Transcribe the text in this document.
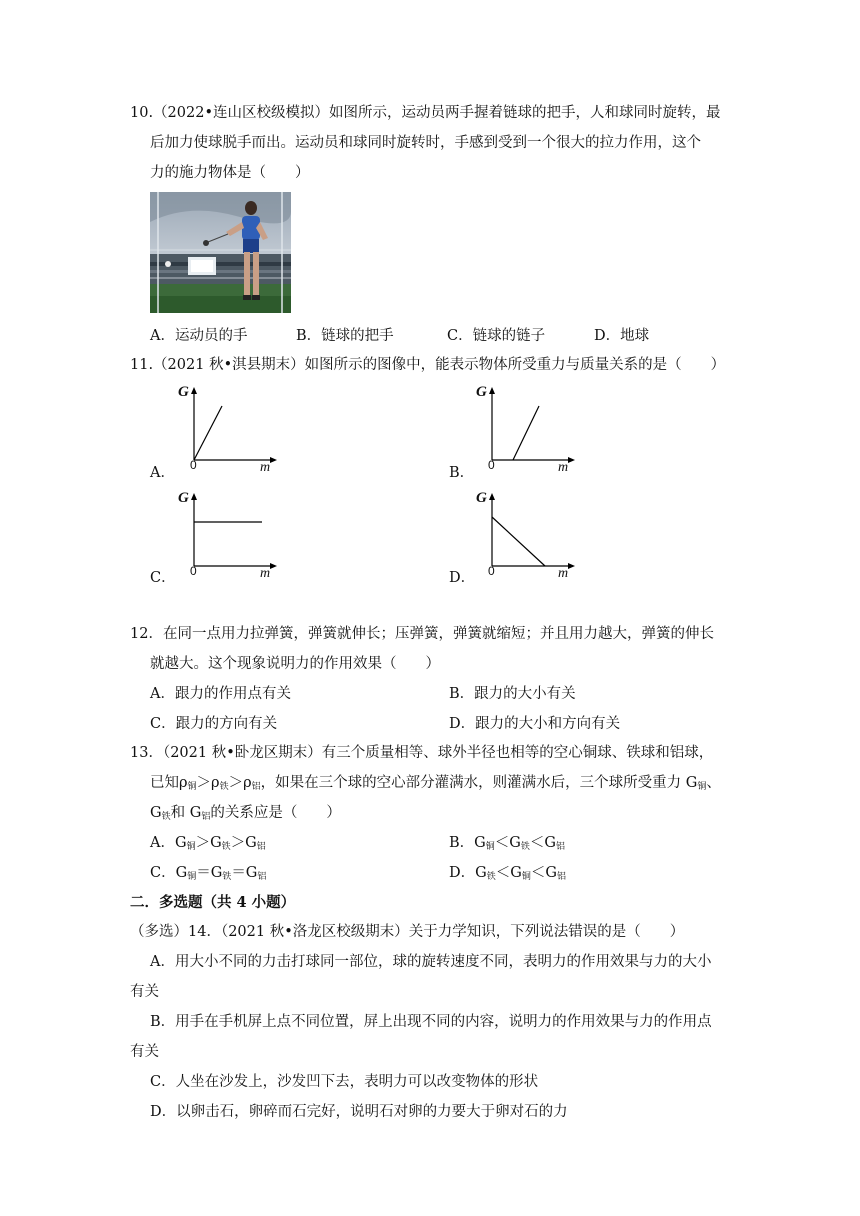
10.（2022•连山区校级模拟）如图所示，运动员两手握着链球的把手，人和球同时旋转，最
后加力使球脱手而出。运动员和球同时旋转时，手感到受到一个很大的拉力作用，这个
力的施力物体是（　　）
A．运动员的手	B．链球的把手	C．链球的链子	D．地球
11.（2021 秋•淇县期末）如图所示的图像中，能表示物体所受重力与质量关系的是（　　）
A．	B．
C．	D．
G
0	m
G
0	m
G
0	m
G
0	m
12．在同一点用力拉弹簧，弹簧就伸长；压弹簧，弹簧就缩短；并且用力越大，弹簧的伸长
就越大。这个现象说明力的作用效果（　　）
A．跟力的作用点有关	B．跟力的大小有关
C．跟力的方向有关	D．跟力的大小和方向有关
13．（2021 秋•卧龙区期末）有三个质量相等、球外半径也相等的空心铜球、铁球和铝球，
已知$\rho_铜>\rho_铁>\rho_铝$，如果在三个球的空心部分灌满水，则灌满水后，三个球所受重力 $G_铜$、
$G_铁$和 $G_铝$的关系应是（　　）
A．$G_铜>G_铁>G_铝$	B．$G_铜<G_铁<G_铝$
C．$G_铜=G_铁=G_铝$	D．$G_铁<G_铜<G_铝$
二．多选题（共 4 小题）
（多选）14．（2021 秋•洛龙区校级期末）关于力学知识，下列说法错误的是（　　）
A．用大小不同的力击打球同一部位，球的旋转速度不同，表明力的作用效果与力的大小
有关
B．用手在手机屏上点不同位置，屏上出现不同的内容，说明力的作用效果与力的作用点
有关
C．人坐在沙发上，沙发凹下去，表明力可以改变物体的形状
D．以卵击石，卵碎而石完好，说明石对卵的力要大于卵对石的力
